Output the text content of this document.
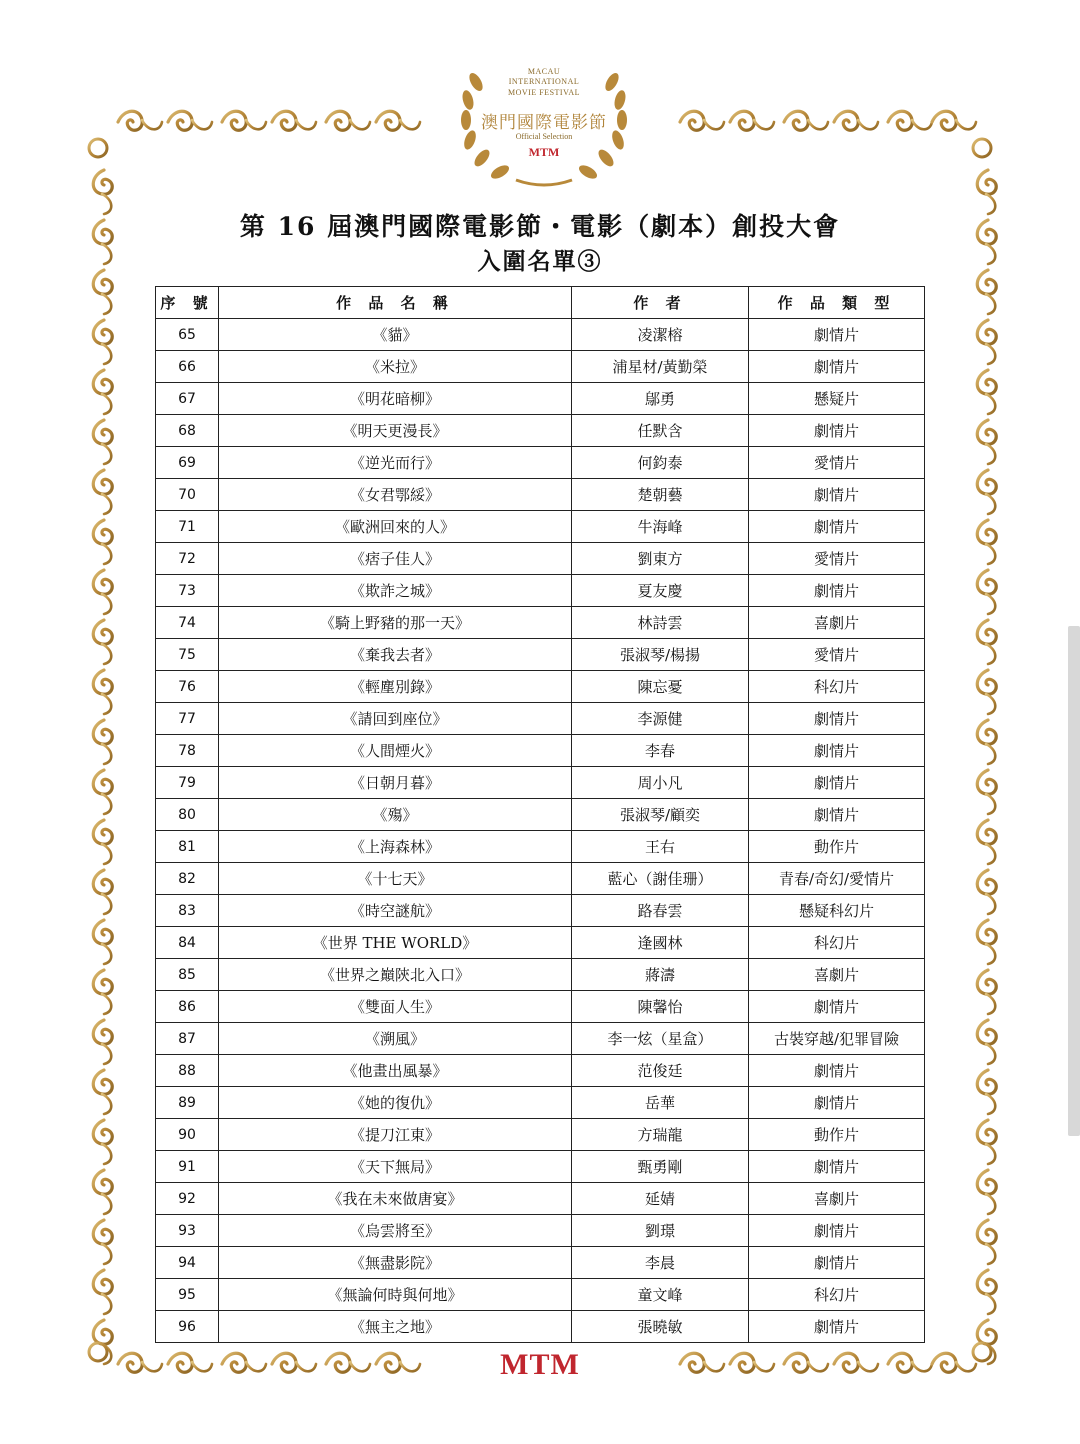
MACAU
INTERNATIONAL
MOVIE FESTIVAL
澳門國際電影節
Official Selection
MTM
第 16 屆澳門國際電影節・電影（劇本）創投大會
入圍名單③
序 號	作 品 名 稱	作 者	作 品 類 型
65	《貓》	凌潔榕	劇情片
66	《米拉》	浦星材/黃勤榮	劇情片
67	《明花暗柳》	鄔勇	懸疑片
68	《明天更漫長》	任默含	劇情片
69	《逆光而行》	何鈞泰	愛情片
70	《女君鄂綏》	楚朝藝	劇情片
71	《歐洲回來的人》	牛海峰	劇情片
72	《痞子佳人》	劉東方	愛情片
73	《欺詐之城》	夏友慶	劇情片
74	《騎上野豬的那一天》	林詩雲	喜劇片
75	《棄我去者》	張淑琴/楊揚	愛情片
76	《輕塵別錄》	陳忘憂	科幻片
77	《請回到座位》	李源健	劇情片
78	《人間煙火》	李春	劇情片
79	《日朝月暮》	周小凡	劇情片
80	《殤》	張淑琴/顧奕	劇情片
81	《上海森林》	王右	動作片
82	《十七天》	藍心（謝佳珊）	青春/奇幻/愛情片
83	《時空謎航》	路春雲	懸疑科幻片
84	《世界 THE WORLD》	逢國林	科幻片
85	《世界之巔陝北入口》	蔣濤	喜劇片
86	《雙面人生》	陳馨怡	劇情片
87	《溯風》	李一炫（星盒）	古裝穿越/犯罪冒險
88	《他畫出風暴》	范俊廷	劇情片
89	《她的復仇》	岳華	劇情片
90	《提刀江東》	方瑞龍	動作片
91	《天下無局》	甄勇剛	劇情片
92	《我在未來做唐宴》	延婧	喜劇片
93	《烏雲將至》	劉璟	劇情片
94	《無盡影院》	李晨	劇情片
95	《無論何時與何地》	童文峰	科幻片
96	《無主之地》	張曉敏	劇情片
MTM
